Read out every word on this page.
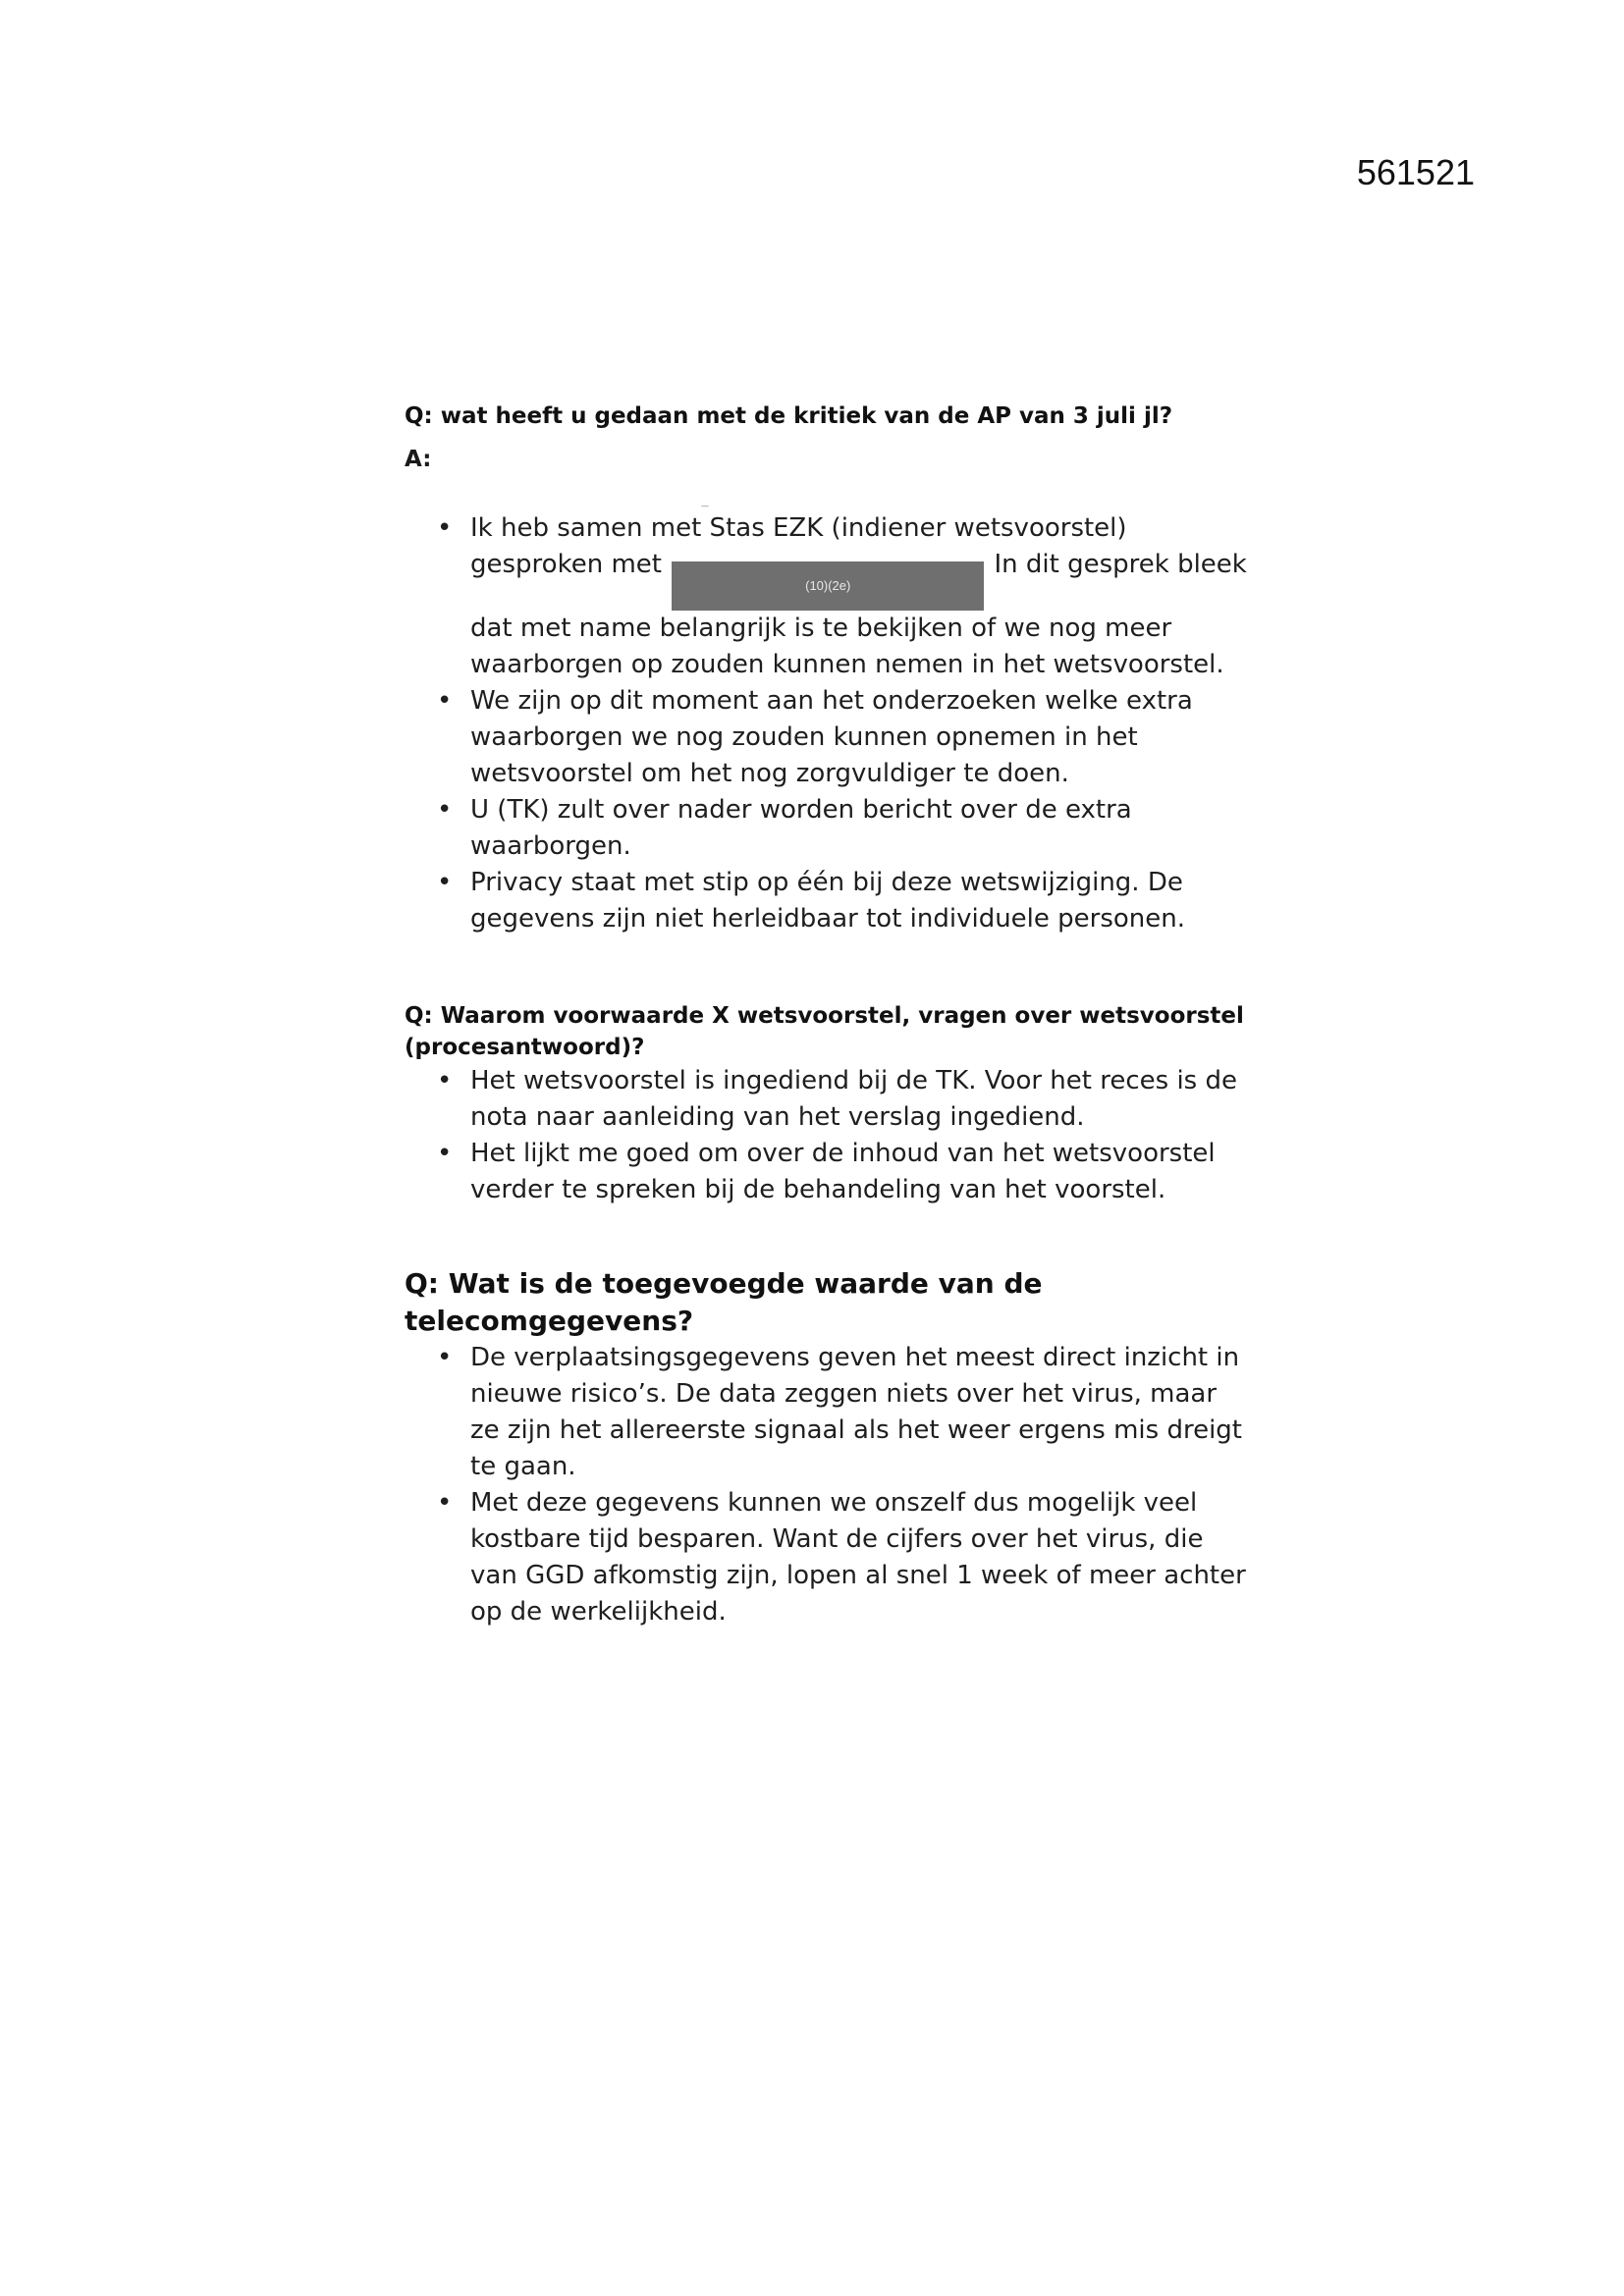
561521

Q: wat heeft u gedaan met de kritiek van de AP van 3 juli jl?

A:

—
• Ik heb samen met Stas EZK (indiener wetsvoorstel) gesproken met (10)(2e) In dit gesprek bleek dat met name belangrijk is te bekijken of we nog meer waarborgen op zouden kunnen nemen in het wetsvoorstel.
• We zijn op dit moment aan het onderzoeken welke extra waarborgen we nog zouden kunnen opnemen in het wetsvoorstel om het nog zorgvuldiger te doen.
• U (TK) zult over nader worden bericht over de extra waarborgen.
• Privacy staat met stip op één bij deze wetswijziging. De gegevens zijn niet herleidbaar tot individuele personen.

Q: Waarom voorwaarde X wetsvoorstel, vragen over wetsvoorstel (procesantwoord)?

• Het wetsvoorstel is ingediend bij de TK. Voor het reces is de nota naar aanleiding van het verslag ingediend.
• Het lijkt me goed om over de inhoud van het wetsvoorstel verder te spreken bij de behandeling van het voorstel.

Q: Wat is de toegevoegde waarde van de telecomgegevens?

• De verplaatsingsgegevens geven het meest direct inzicht in nieuwe risico’s. De data zeggen niets over het virus, maar ze zijn het allereerste signaal als het weer ergens mis dreigt te gaan.
• Met deze gegevens kunnen we onszelf dus mogelijk veel kostbare tijd besparen. Want de cijfers over het virus, die van GGD afkomstig zijn, lopen al snel 1 week of meer achter op de werkelijkheid.
